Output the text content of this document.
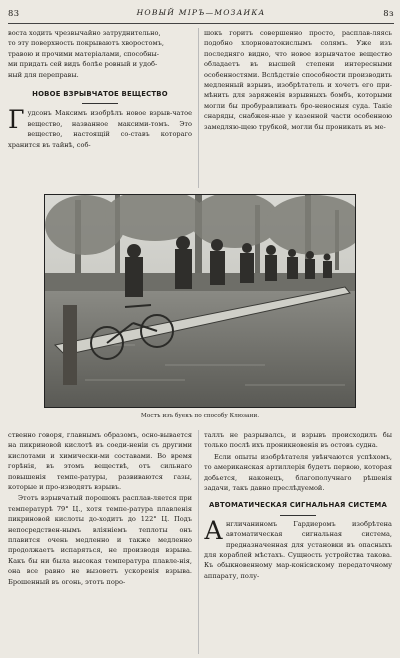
83	НОВЫЙ МІРЪ—МОЗАИКА	8з
воста ходить чрезвычайно затруднительно,
то эту поверхность покрываютъ хворостомъ,
травою и прочими матеріалами, способны-
ми придать сей видъ болѣе ровный и удоб-
ный для переправы.
НОВОЕ ВЗРЫВЧАТОЕ ВЕЩЕСТВО
Г удсонъ Максимъ изобрѣлъ новое взрыв-чатое вещество, названное максими-томъ. Это вещество, настоящій со-ставъ котораго хранится въ тайнѣ, соб-

шокъ горитъ совершенно просто, расплав-ляясь подобно хлорноватокислымъ солямъ. Уже изъ последняго видно, что новое взрывчатое вещество обладаетъ въ высшей степени интересными особенностями. Вслѣдствіе способности производить медленный взрывъ, изобрѣтатель и хочетъ его при-мѣнить для заряженія взрывныхъ бомбъ, которыми могли бы пробуравливать бро-неносныя суда. Такіе снаряды, снабжен-ные у казенной части особенною замедляю-щею трубкой, могли бы проникать въ ме-

Мостъ изъ буекъ по способу Клюзани.

ственно говоря, главнымъ образомъ, осно-вывается на пикриновой кислотѣ въ соеди-неніи съ другими кислотами и химически-ми составами. Во время горѣнія, въ этомъ веществѣ, отъ сильнаго повышенія темпе-ратуры, развиваются газы, которые и про-изводятъ взрывъ.

Этотъ взрывчатый порошокъ расплав-ляется при температурѣ 79° Ц., хотя темпе-ратура плавленія пикриновой кислоты до-ходитъ до 122° Ц. Подъ непосредствен-нымъ вліяніемъ теплоты онъ плавится очень медленно и также медленно продолжаетъ испаряться, не производя взрыва. Какъ бы ни была высокая температура плавле-нія, она все равно не вызоветъ ускоренія взрыва. Брошенный въ огонь, этотъ поро-

таллъ не разрывалсь, и взрывъ происходилъ бы только послѣ ихъ проникновенія въ остовъ судна.

Если опыты изобрѣтателя увѣнчаются успѣхомъ, то американская артиллерія будетъ первою, которая добьется, наконецъ, благополучнаго рѣшенія задачи, такъ давно преслѣдуемой.

АВТОМАТИЧЕСКАЯ СИГНАЛЬНАЯ СИСТЕМА
А нгличаниномъ Гардиеромъ изобрѣтена автоматическая сигнальная система, предназначенная для установки въ опасныхъ для кораблей мѣстахъ. Сущность устройства такова. Къ обыкновенному мар-конісвскому передаточному аппарату, полу-
